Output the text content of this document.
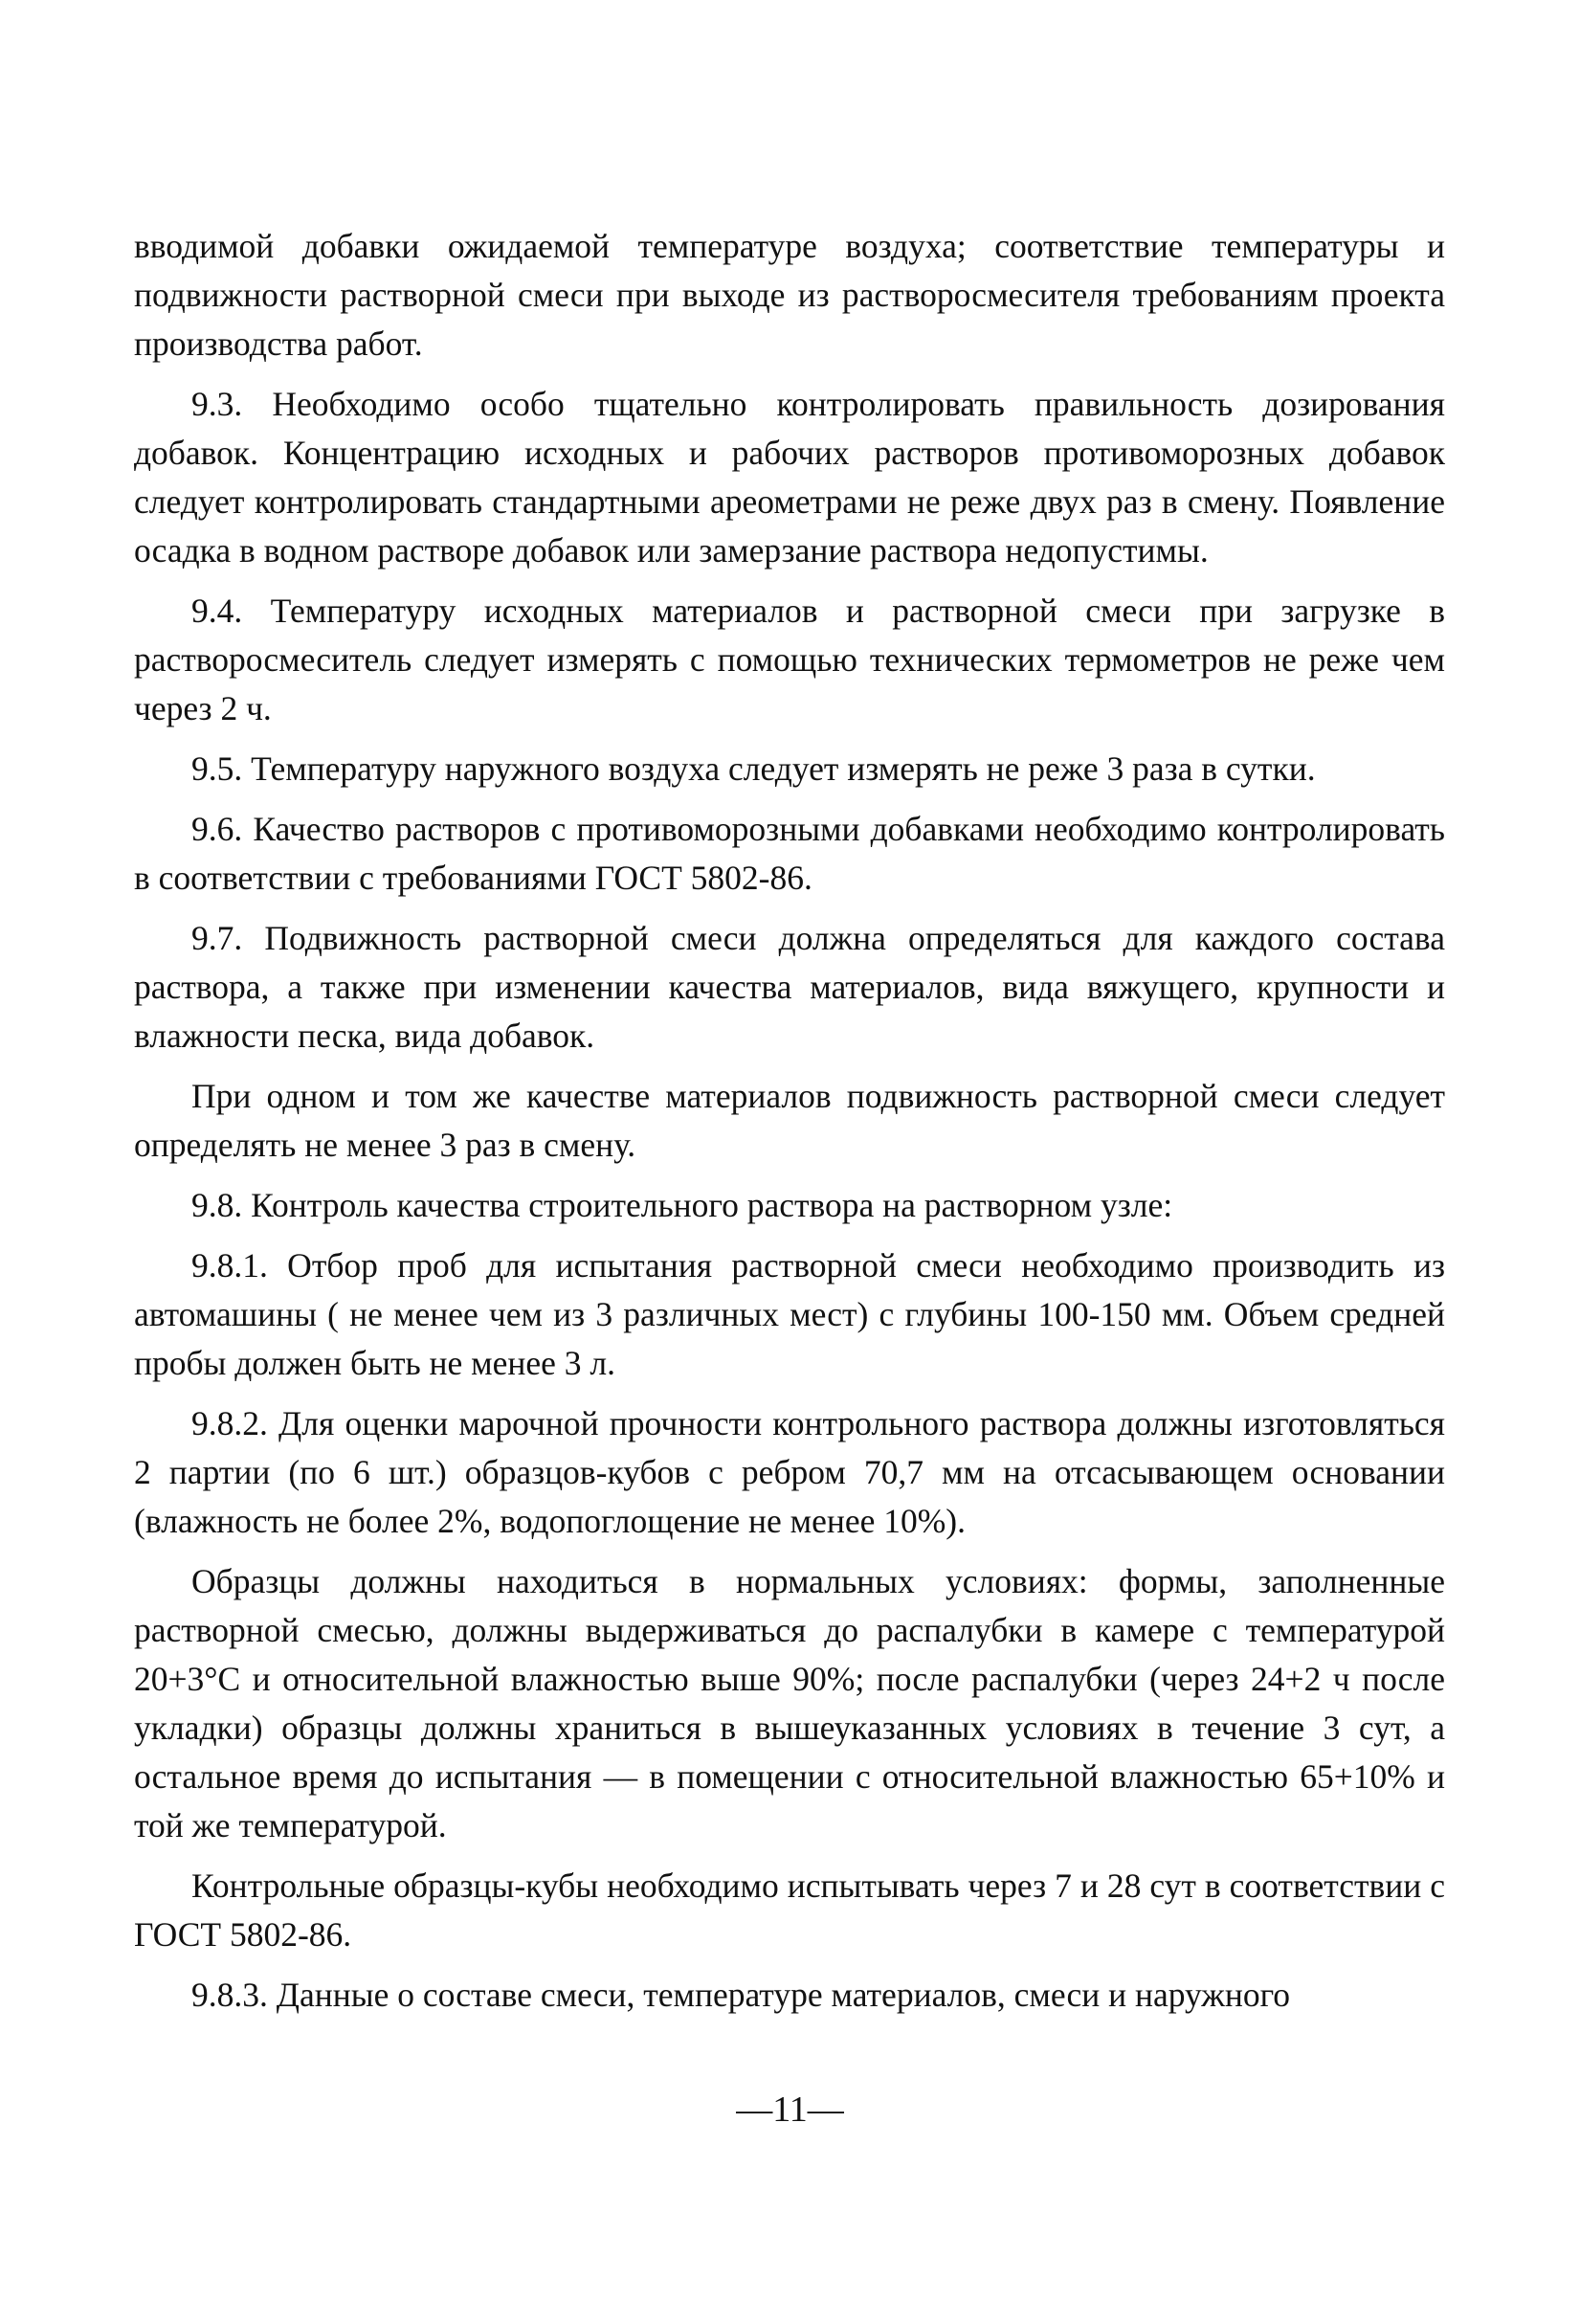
вводимой добавки ожидаемой температуре воздуха; соответствие температуры и подвижности растворной смеси при выходе из растворосмесителя требованиям проекта производства работ.

9.3. Необходимо особо тщательно контролировать правильность дозирования добавок. Концентрацию исходных и рабочих растворов противоморозных добавок следует контролировать стандартными ареометрами не реже двух раз в смену. Появление осадка в водном растворе добавок или замерзание раствора недопустимы.

9.4. Температуру исходных материалов и растворной смеси при загрузке в растворосмеситель следует измерять с помощью технических термометров не реже чем через 2 ч.

9.5. Температуру наружного воздуха следует измерять не реже 3 раза в сутки.

9.6. Качество растворов с противоморозными добавками необходимо контролировать в соответствии с требованиями ГОСТ 5802-86.

9.7. Подвижность растворной смеси должна определяться для каждого состава раствора, а также при изменении качества материалов, вида вяжущего, крупности и влажности песка, вида добавок.

При одном и том же качестве материалов подвижность растворной смеси следует определять не менее 3 раз в смену.

9.8. Контроль качества строительного раствора на растворном узле:

9.8.1. Отбор проб для испытания растворной смеси необходимо производить из автомашины ( не менее чем из 3 различных мест) с глубины 100-150 мм. Объем средней пробы должен быть не менее 3 л.

9.8.2. Для оценки марочной прочности контрольного раствора должны изготовляться 2 партии (по 6 шт.) образцов-кубов с ребром 70,7 мм на отсасывающем основании (влажность не более 2%, водопоглощение не менее 10%).

Образцы должны находиться в нормальных условиях: формы, заполненные растворной смесью, должны выдерживаться до распалубки в камере с температурой 20+3°С и относительной влажностью выше 90%; после распалубки (через 24+2 ч после укладки) образцы должны храниться в вышеуказанных условиях в течение 3 сут, а остальное время до испытания — в помещении с относительной влажностью 65+10% и той же температурой.

Контрольные образцы-кубы необходимо испытывать через 7 и 28 сут в соответствии с ГОСТ 5802-86.

9.8.3. Данные о составе смеси, температуре материалов, смеси и наружного

—11—
